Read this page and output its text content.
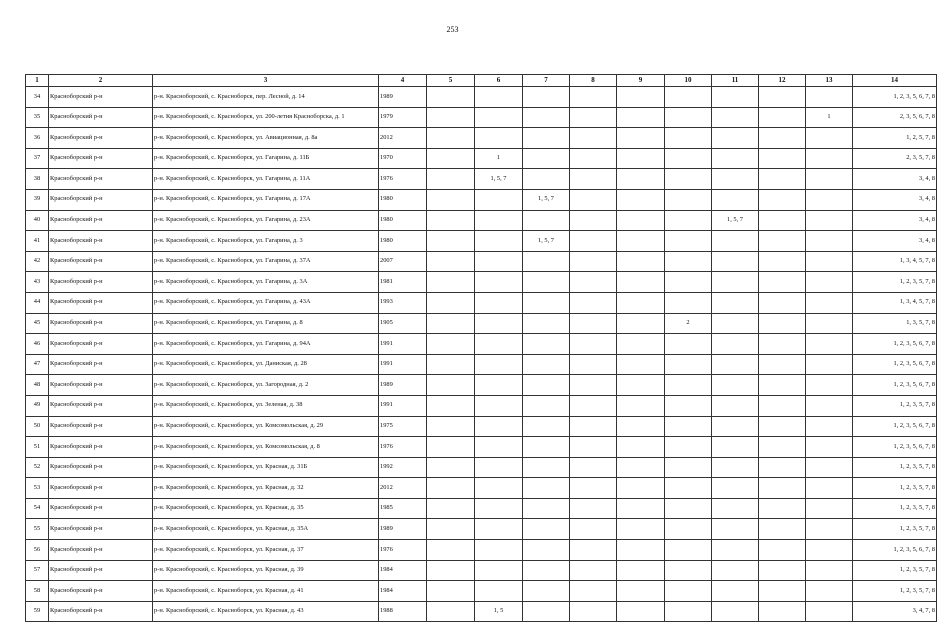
253
1	2	3	4	5	6	7	8	9	10	11	12	13	14
34	Красноборский р-н	р-н. Красноборский, с. Красноборск, пер. Лесной, д. 14	1989										1, 2, 3, 5, 6, 7, 8
35	Красноборский р-н	р-н. Красноборский, с. Красноборск, ул. 200-летия Красноборска, д. 1	1979									1	2, 3, 5, 6, 7, 8
36	Красноборский р-н	р-н. Красноборский, с. Красноборск, ул. Авиационная, д. 8а	2012										1, 2, 5, 7, 8
37	Красноборский р-н	р-н. Красноборский, с. Красноборск, ул. Гагарина, д. 11Б	1970		1								2, 3, 5, 7, 8
38	Красноборский р-н	р-н. Красноборский, с. Красноборск, ул. Гагарина, д. 11А	1976		1, 5, 7								3, 4, 8
39	Красноборский р-н	р-н. Красноборский, с. Красноборск, ул. Гагарина, д. 17А	1980			1, 5, 7							3, 4, 8
40	Красноборский р-н	р-н. Красноборский, с. Красноборск, ул. Гагарина, д. 23А	1980							1, 5, 7			3, 4, 8
41	Красноборский р-н	р-н. Красноборский, с. Красноборск, ул. Гагарина, д. 3	1980			1, 5, 7							3, 4, 8
42	Красноборский р-н	р-н. Красноборский, с. Красноборск, ул. Гагарина, д. 37А	2007										1, 3, 4, 5, 7, 8
43	Красноборский р-н	р-н. Красноборский, с. Красноборск, ул. Гагарина, д. 3А	1981										1, 2, 3, 5, 7, 8
44	Красноборский р-н	р-н. Красноборский, с. Красноборск, ул. Гагарина, д. 43А	1993										1, 3, 4, 5, 7, 8
45	Красноборский р-н	р-н. Красноборский, с. Красноборск, ул. Гагарина, д. 8	1905						2				1, 3, 5, 7, 8
46	Красноборский р-н	р-н. Красноборский, с. Красноборск, ул. Гагарина, д. 94А	1991										1, 2, 3, 5, 6, 7, 8
47	Красноборский р-н	р-н. Красноборский, с. Красноборск, ул. Даниская, д. 28	1991										1, 2, 3, 5, 6, 7, 8
48	Красноборский р-н	р-н. Красноборский, с. Красноборск, ул. Загородная, д. 2	1989										1, 2, 3, 5, 6, 7, 8
49	Красноборский р-н	р-н. Красноборский, с. Красноборск, ул. Зеленая, д. 38	1991										1, 2, 3, 5, 7, 8
50	Красноборский р-н	р-н. Красноборский, с. Красноборск, ул. Комсомольская, д. 29	1975										1, 2, 3, 5, 6, 7, 8
51	Красноборский р-н	р-н. Красноборский, с. Красноборск, ул. Комсомольская, д. 8	1976										1, 2, 3, 5, 6, 7, 8
52	Красноборский р-н	р-н. Красноборский, с. Красноборск, ул. Красная, д. 31Б	1992										1, 2, 3, 5, 7, 8
53	Красноборский р-н	р-н. Красноборский, с. Красноборск, ул. Красная, д. 32	2012										1, 2, 3, 5, 7, 8
54	Красноборский р-н	р-н. Красноборский, с. Красноборск, ул. Красная, д. 35	1985										1, 2, 3, 5, 7, 8
55	Красноборский р-н	р-н. Красноборский, с. Красноборск, ул. Красная, д. 35А	1989										1, 2, 3, 5, 7, 8
56	Красноборский р-н	р-н. Красноборский, с. Красноборск, ул. Красная, д. 37	1976										1, 2, 3, 5, 6, 7, 8
57	Красноборский р-н	р-н. Красноборский, с. Красноборск, ул. Красная, д. 39	1984										1, 2, 3, 5, 7, 8
58	Красноборский р-н	р-н. Красноборский, с. Красноборск, ул. Красная, д. 41	1984										1, 2, 3, 5, 7, 8
59	Красноборский р-н	р-н. Красноборский, с. Красноборск, ул. Красная, д. 43	1988		1, 5								3, 4, 7, 8
